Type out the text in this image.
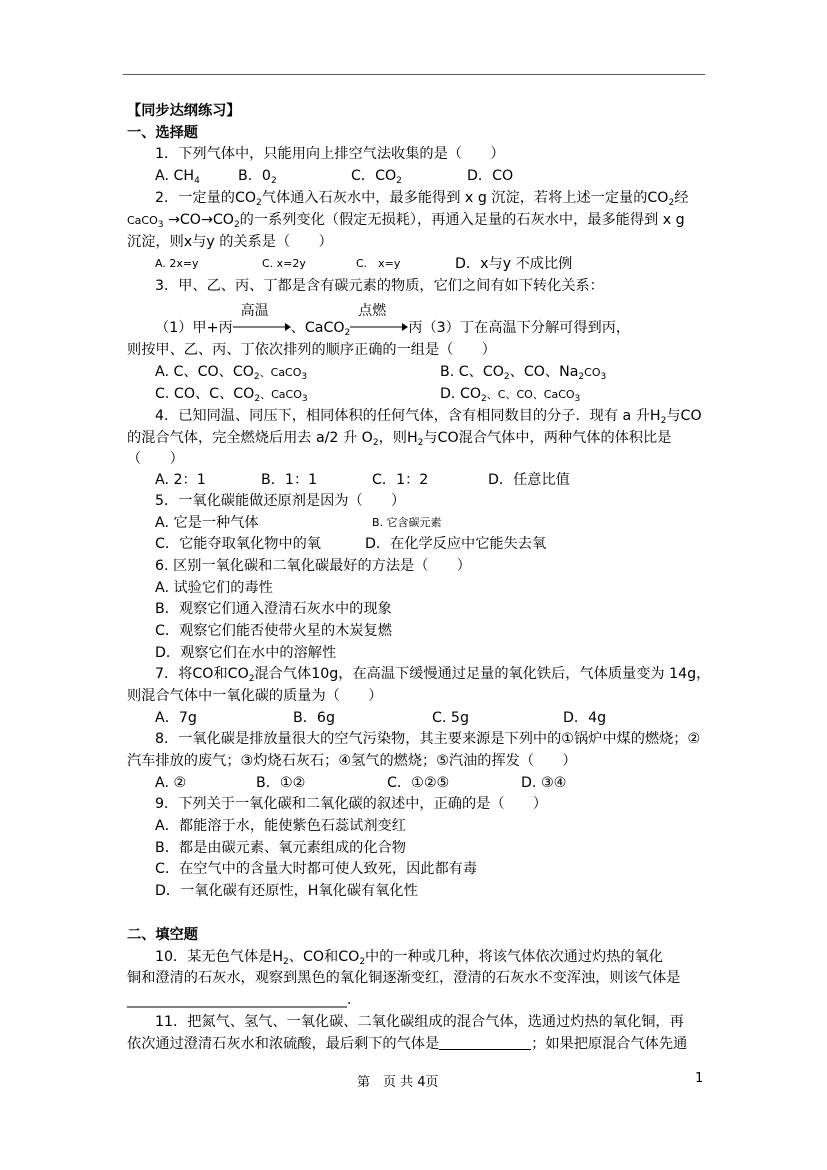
【同步达纲练习】
一、选择题
1．下列气体中，只能用向上排空气法收集的是（　　）
A. $CH_4$	B．$0_2$	C．$CO_2$	D．CO
2．一定量的$CO_2$气体通入石灰水中，最多能得到 x g 沉淀，若将上述一定量的$CO_2$经
CaCO$_3$ $\to CO\to CO_2$的一系列变化（假定无损耗），再通入足量的石灰水中，最多能得到 x g
沉淀，则x与y 的关系是（　　）
A. 2x=y	C. x=2y	C.　x=y	D．x与y 不成比例
3．甲、乙、丙、丁都是含有碳元素的物质，它们之间有如下转化关系：
（1）甲+丙
高温
、CaCO$_2$
点燃
丙（3）丁在高温下分解可得到丙，
则按甲、乙、丙、丁依次排列的顺序正确的一组是（　　）
A. C、CO、$CO_2$、CaCO$_3$	B. C、$CO_2$、CO、$Na_2CO_3$
C. CO、C、$CO_2$、CaCO$_3$	D. $CO_2$、C、CO、CaCO$_3$
4．已知同温、同压下，相同体积的任何气体，含有相同数目的分子．现有 a 升$H_2$与CO
的混合气体，完全燃烧后用去 a/2 升 $O_2$，则$H_2$与CO混合气体中，两种气体的体积比是
（　　）
A. 2：1	B．1：1	C．1：2	D．任意比值
5．一氧化碳能做还原剂是因为（　　）
A. 它是一种气体	B. 它含碳元素
C．它能夺取氧化物中的氧	D．在化学反应中它能失去氧
6. 区别一氧化碳和二氧化碳最好的方法是（　　）
A. 试验它们的毒性
B．观察它们通入澄清石灰水中的现象
C．观察它们能否使带火星的木炭复燃
D．观察它们在水中的溶解性
7．将CO和$CO_2$混合气体10g，在高温下缓慢通过足量的氧化铁后，气体质量变为 14g，
则混合气体中一氧化碳的质量为（　　）
A．7g	B．6g	C. 5g	D．4g
8．一氧化碳是排放量很大的空气污染物，其主要来源是下列中的①锅炉中煤的燃烧；②
汽车排放的废气；③灼烧石灰石；④氢气的燃烧；⑤汽油的挥发（　　）
A. ②	B．①②	C．①②⑤	D. ③④
9．下列关于一氧化碳和二氧化碳的叙述中，正确的是（　　）
A．都能溶于水，能使紫色石蕊试剂变红
B．都是由碳元素、氧元素组成的化合物
C．在空气中的含量大时都可使人致死，因此都有毒
D．一氧化碳有还原性，H氧化碳有氧化性
二、填空题
10．某无色气体是$H_2$、CO和$CO_2$中的一种或几种，将该气体依次通过灼热的氧化
铜和澄清的石灰水，观察到黑色的氧化铜逐渐变红，澄清的石灰水不变浑浊，则该气体是
_______________________________.
11．把氮气、氢气、一氧化碳、二氧化碳组成的混合气体，选通过灼热的氧化铜，再
依次通过澄清石灰水和浓硫酸，最后剩下的气体是	；如果把原混合气体先通
第　页 共 4页	1
